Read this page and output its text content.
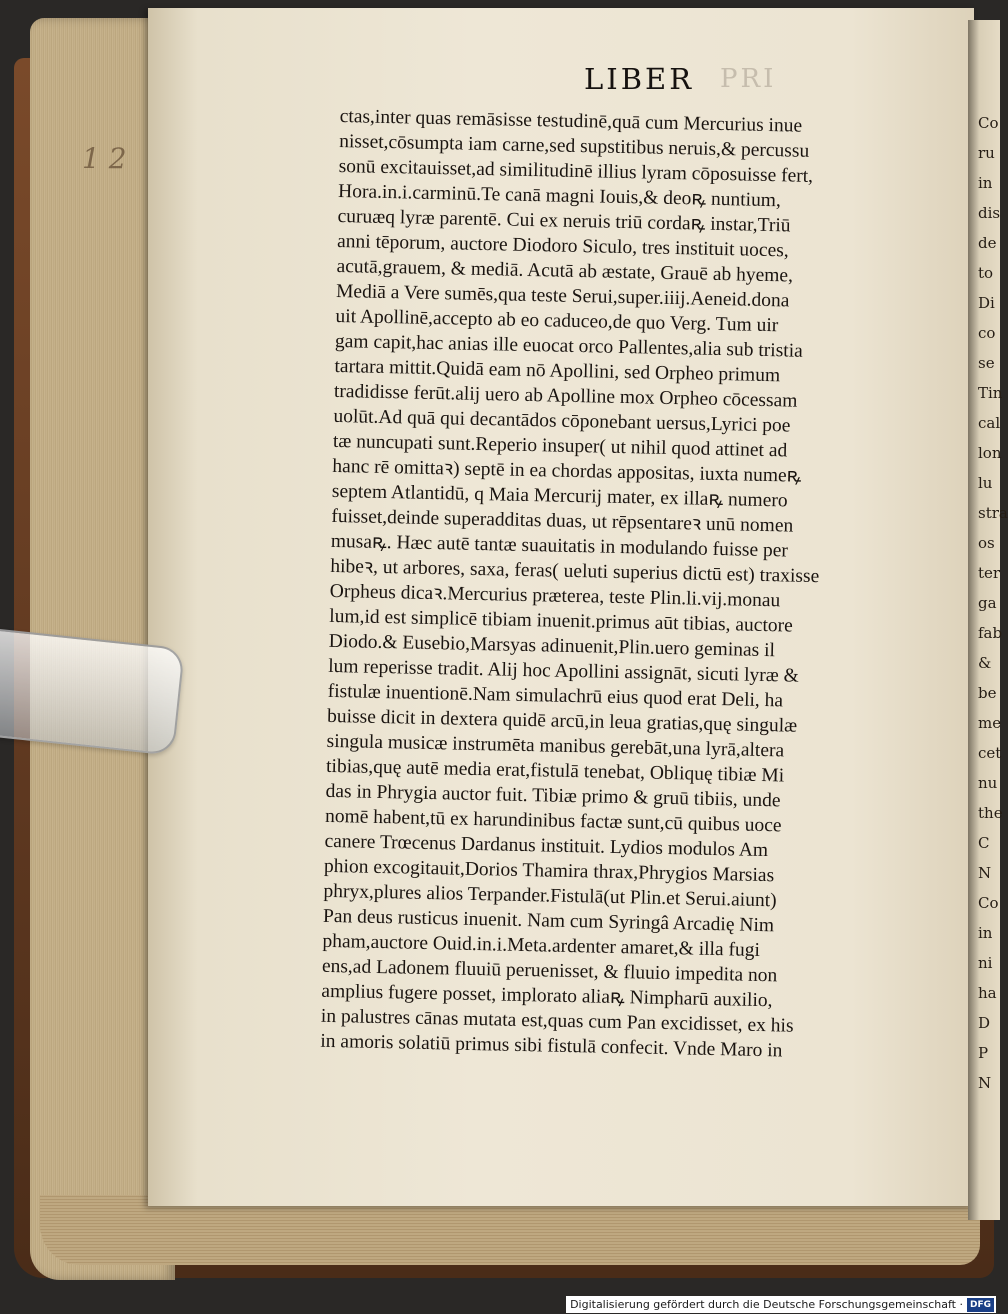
Co
ru
in
dis
de
to
Di
co
se
Tin
cal
lon
lu
stra
os
ter
ga
fab
&
be
me
cet
nu
the
C
N
Co
in
ni
ha
D
P
N
1 2
LIBER PRI
ctas,inter quas remāsisse testudinē,quā cum Mercurius inue
nisset,cōsumpta iam carne,sed supstitibus neruis,& percussu
sonū excitauisset,ad similitudinē illius lyram cōposuisse fert,
Hora.in.i.carminū.Te canā magni Iouis,& deoꝶ nuntium,
curuæq lyræ parentē. Cui ex neruis triū cordaꝶ instar,Triū
anni tēporum, auctore Diodoro Siculo, tres instituit uoces,
acutā,grauem, & mediā. Acutā ab æstate, Grauē ab hyeme,
Mediā a Vere sumēs,qua teste Serui,super.iiij.Aeneid.dona
uit Apollinē,accepto ab eo caduceo,de quo Verg. Tum uir
gam capit,hac anias ille euocat orco Pallentes,alia sub tristia
tartara mittit.Quidā eam nō Apollini, sed Orpheo primum
tradidisse ferūt.alij uero ab Apolline mox Orpheo cōcessam
uolūt.Ad quā qui decantādos cōponebant uersus,Lyrici poe
tæ nuncupati sunt.Reperio insuper( ut nihil quod attinet ad
hanc rē omittaꝛ) septē in ea chordas appositas, iuxta numeꝶ
septem Atlantidū, q Maia Mercurij mater, ex illaꝶ numero
fuisset,deinde superadditas duas, ut rēpsentareꝛ unū nomen
musaꝶ. Hæc autē tantæ suauitatis in modulando fuisse per
hibeꝛ, ut arbores, saxa, feras( ueluti superius dictū est) traxisse
Orpheus dicaꝛ.Mercurius præterea, teste Plin.li.vij.monau
lum,id est simplicē tibiam inuenit.primus aūt tibias, auctore
Diodo.& Eusebio,Marsyas adinuenit,Plin.uero geminas il
lum reperisse tradit. Alij hoc Apollini assignāt, sicuti lyræ &
fistulæ inuentionē.Nam simulachrū eius quod erat Deli, ha
buisse dicit in dextera quidē arcū,in leua gratias,quę singulæ
singula musicæ instrumēta manibus gerebāt,una lyrā,altera
tibias,quę autē media erat,fistulā tenebat, Obliquę tibiæ Mi
das in Phrygia auctor fuit. Tibiæ primo & gruū tibiis, unde
nomē habent,tū ex harundinibus factæ sunt,cū quibus uoce
canere Trœcenus Dardanus instituit. Lydios modulos Am
phion excogitauit,Dorios Thamira thrax,Phrygios Marsias
phryx,plures alios Terpander.Fistulā(ut Plin.et Serui.aiunt)
Pan deus rusticus inuenit. Nam cum Syringâ Arcadię Nim
pham,auctore Ouid.in.i.Meta.ardenter amaret,& illa fugi
ens,ad Ladonem fluuiū peruenisset, & fluuio impedita non
amplius fugere posset, implorato aliaꝶ Nimpharū auxilio,
in palustres cānas mutata est,quas cum Pan excidisset, ex his
in amoris solatiū primus sibi fistulā confecit. Vnde Maro in
Digitalisierung gefördert durch die Deutsche Forschungsgemeinschaft · DFG
